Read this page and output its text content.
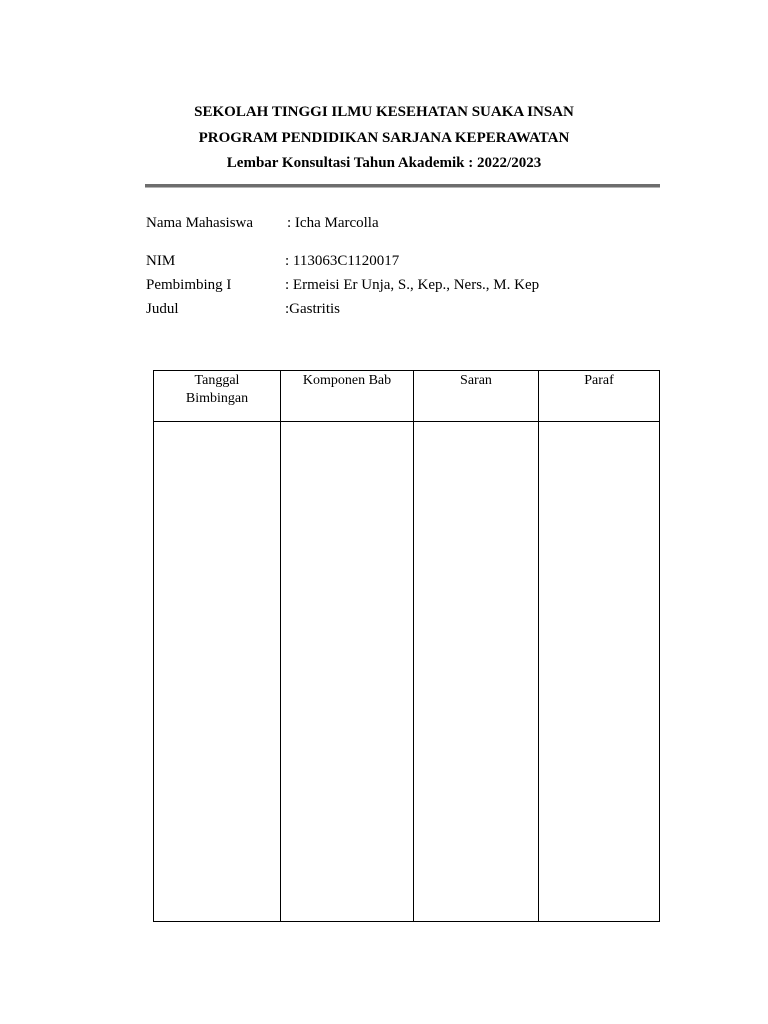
SEKOLAH TINGGI ILMU KESEHATAN SUAKA INSAN
PROGRAM PENDIDIKAN SARJANA KEPERAWATAN
Lembar Konsultasi Tahun Akademik : 2022/2023
Nama Mahasiswa : Icha Marcolla
NIM	: 113063C1120017
Pembimbing I	: Ermeisi Er Unja, S., Kep., Ners., M. Kep
Judul	:Gastritis
Tanggal
Bimbingan	Komponen Bab	Saran	Paraf
